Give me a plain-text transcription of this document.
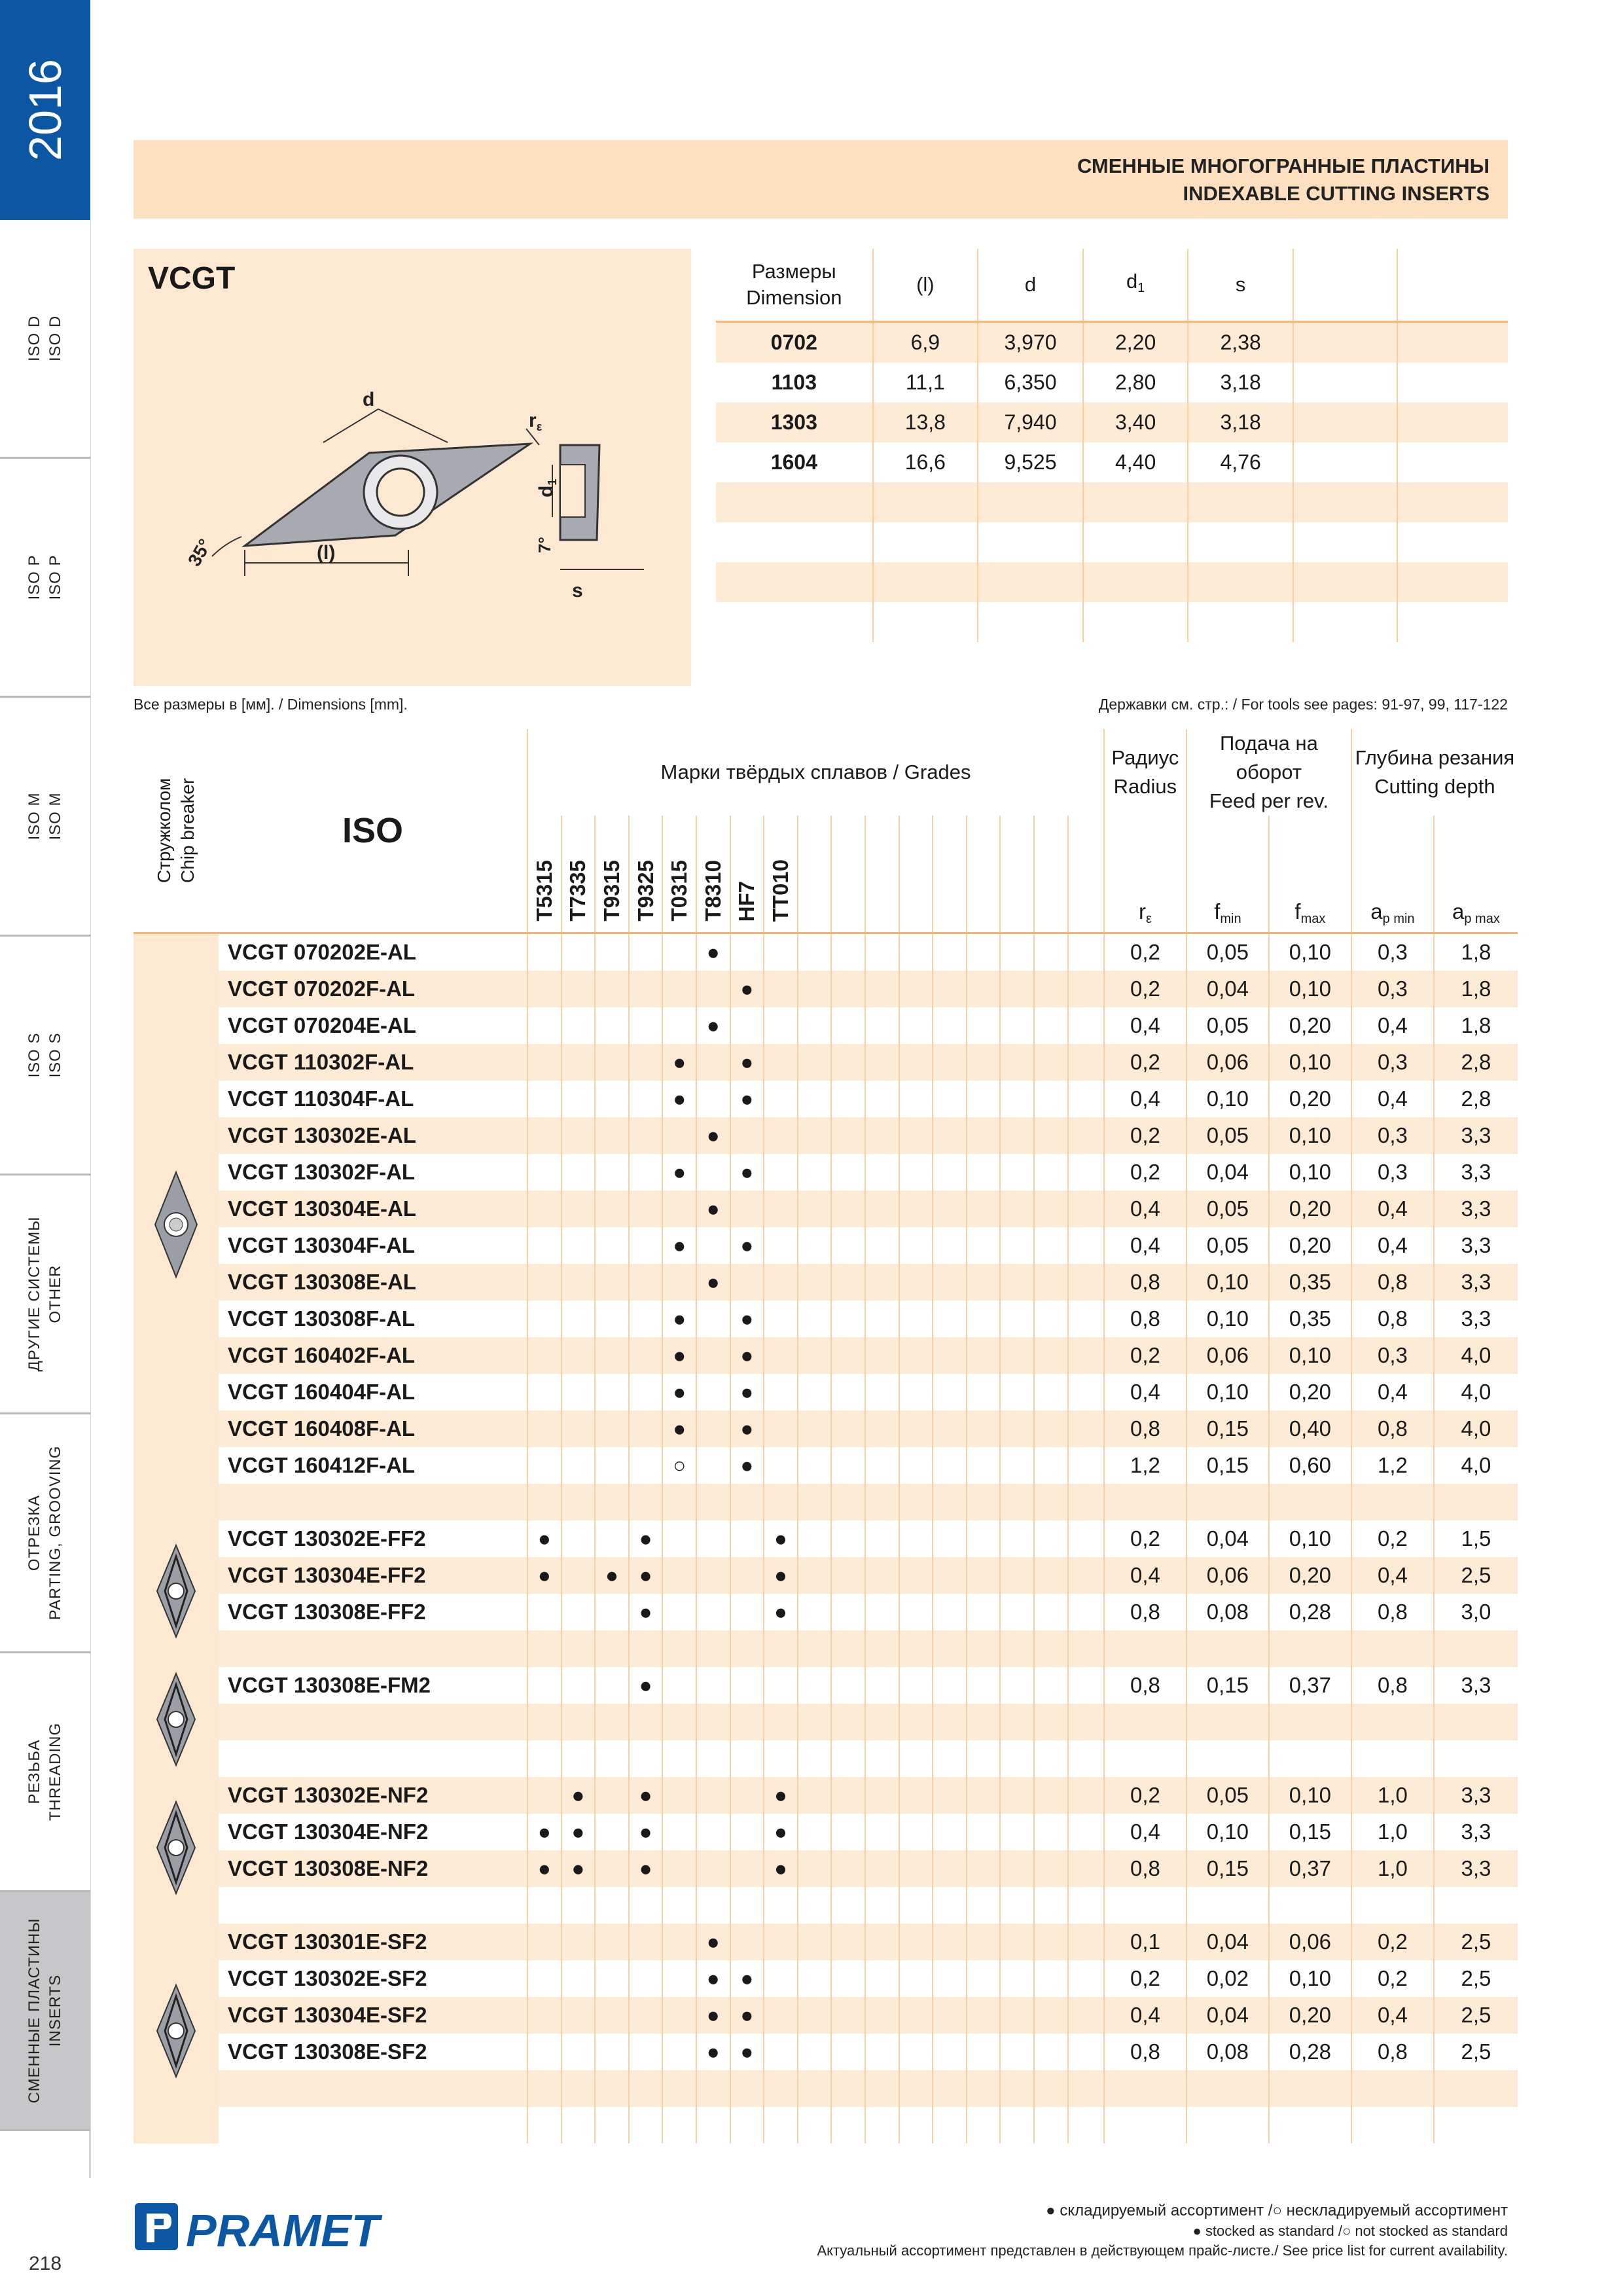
2016
ISO D ISO D
ISO P ISO P
ISO M ISO M
ISO S ISO S
ДРУГИЕ СИСТЕМЫ OTHER
ОТРЕЗКА PARTING, GROOVING
РЕЗЬБА THREADING
СМЕННЫЕ ПЛАСТИНЫ INSERTS
СМЕННЫЕ МНОГОГРАННЫЕ ПЛАСТИНЫ
INDEXABLE CUTTING INSERTS
VCGT
d
(l)
35°
$r_\varepsilon$
$d_1$
7°
s
Размеры
Dimension	(l)	d	$d_1$	s		
0702	6,9	3,970	2,20	2,38		
1103	11,1	6,350	2,80	3,18		
1303	13,8	7,940	3,40	3,18		
1604	16,6	9,525	4,40	4,76		

Все размеры в [мм]. / Dimensions [mm].	Державки см. стр.: / For tools see pages: 91-97, 99, 117-122
Стружколом Chip breaker	ISO	Марки твёрдых сплавов / Grades																	Радиус
Radius	Подача на оборот
Feed per rev.		Глубина резания
Cutting depth	
		T5315	T7335	T9315	T9325	T0315	T8310	HF7	TT010										$r_\varepsilon$	$f_{min}$	$f_{max}$	$a_{p min}$	$a_{p max}$

	VCGT 070202E-AL						●												0,2	0,05	0,10	0,3	1,8
	VCGT 070202F-AL							●											0,2	0,04	0,10	0,3	1,8
	VCGT 070204E-AL						●												0,4	0,05	0,20	0,4	1,8
	VCGT 110302F-AL					●		●											0,2	0,06	0,10	0,3	2,8
	VCGT 110304F-AL					●		●											0,4	0,10	0,20	0,4	2,8
	VCGT 130302E-AL						●												0,2	0,05	0,10	0,3	3,3
	VCGT 130302F-AL					●		●											0,2	0,04	0,10	0,3	3,3
	VCGT 130304E-AL						●												0,4	0,05	0,20	0,4	3,3
	VCGT 130304F-AL					●		●											0,4	0,05	0,20	0,4	3,3
	VCGT 130308E-AL						●												0,8	0,10	0,35	0,8	3,3
	VCGT 130308F-AL					●		●											0,8	0,10	0,35	0,8	3,3
	VCGT 160402F-AL					●		●											0,2	0,06	0,10	0,3	4,0
	VCGT 160404F-AL					●		●											0,4	0,10	0,20	0,4	4,0
	VCGT 160408F-AL					●		●											0,8	0,15	0,40	0,8	4,0
	VCGT 160412F-AL					○		●											1,2	0,15	0,60	1,2	4,0

	VCGT 130302E-FF2	●			●				●										0,2	0,04	0,10	0,2	1,5
	VCGT 130304E-FF2	●		●	●				●										0,4	0,06	0,20	0,4	2,5
	VCGT 130308E-FF2				●				●										0,8	0,08	0,28	0,8	3,0

	VCGT 130308E-FM2				●														0,8	0,15	0,37	0,8	3,3

	VCGT 130302E-NF2		●		●				●										0,2	0,05	0,10	1,0	3,3
	VCGT 130304E-NF2	●	●		●				●										0,4	0,10	0,15	1,0	3,3
	VCGT 130308E-NF2	●	●		●				●										0,8	0,15	0,37	1,0	3,3

	VCGT 130301E-SF2						●												0,1	0,04	0,06	0,2	2,5
	VCGT 130302E-SF2						●	●											0,2	0,02	0,10	0,2	2,5
	VCGT 130304E-SF2						●	●											0,4	0,04	0,20	0,4	2,5
	VCGT 130308E-SF2						●	●											0,8	0,08	0,28	0,8	2,5

● складируемый ассортимент /○ нескладируемый ассортимент
● stocked as standard /○ not stocked as standard
Актуальный ассортимент представлен в действующем прайс-листе./ See price list for current availability.
PRAMET
218
